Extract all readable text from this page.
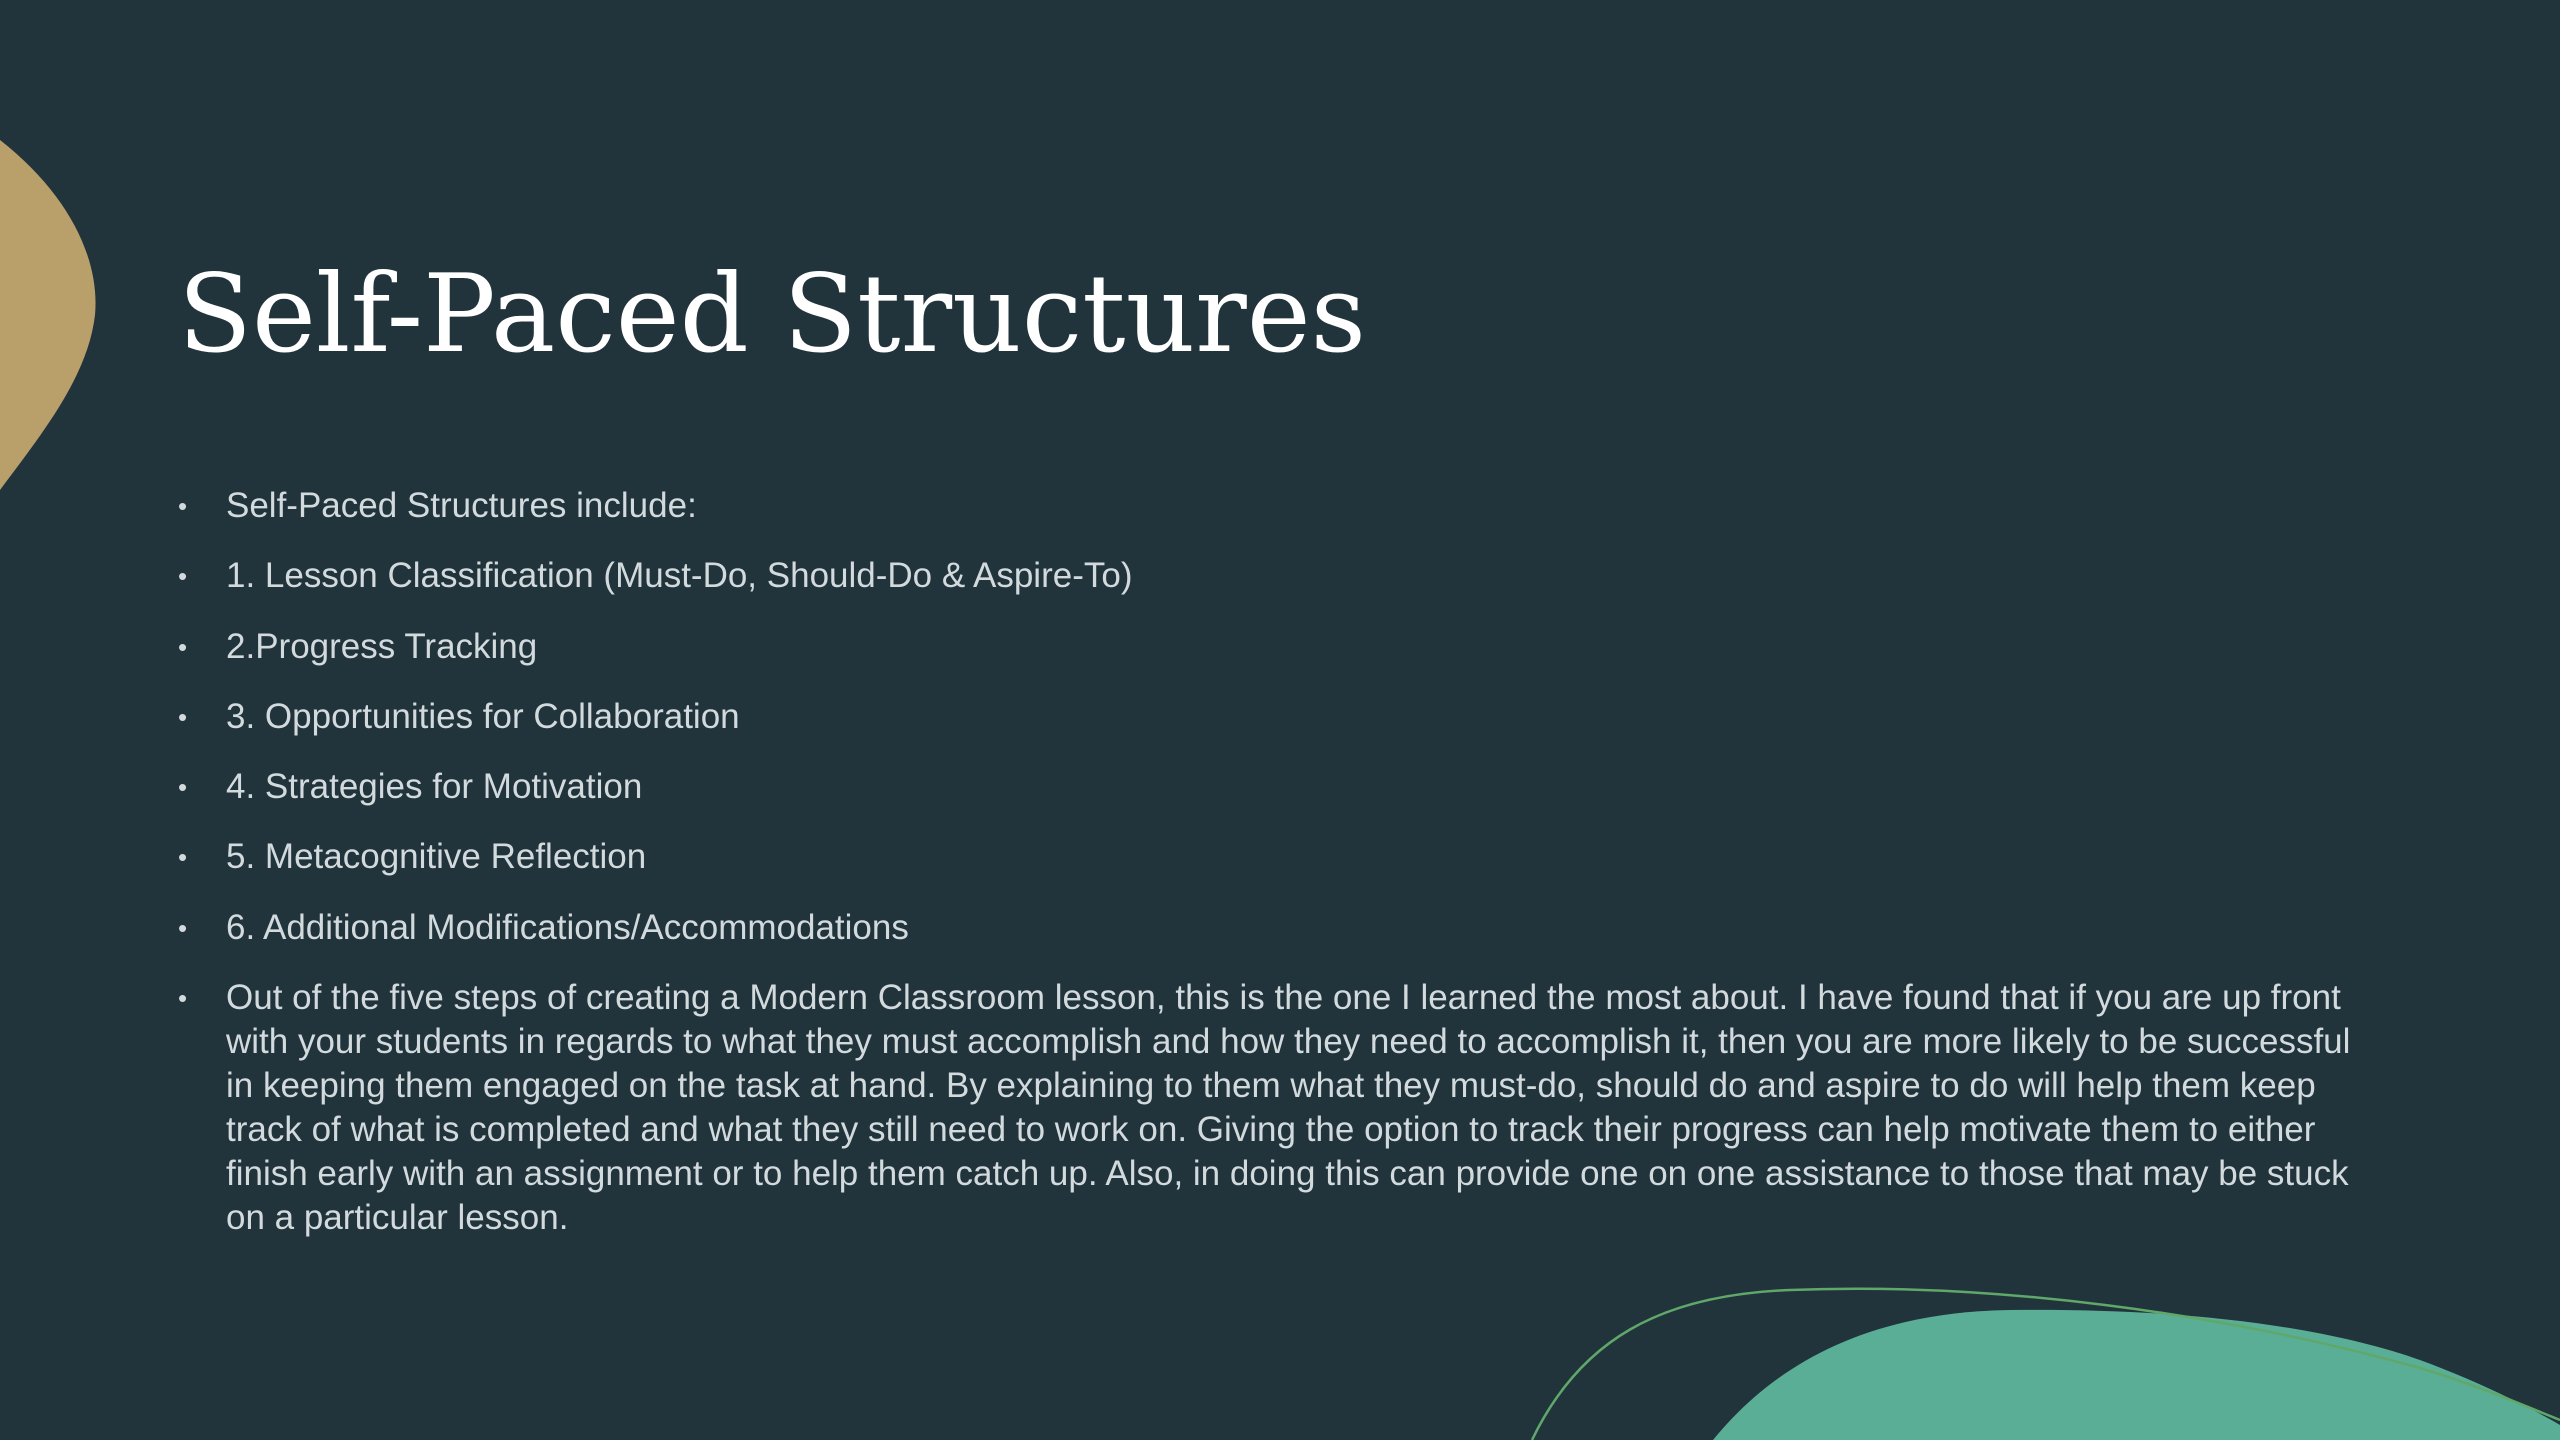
Self-Paced Structures
•	Self-Paced Structures include:
•	1. Lesson Classification (Must-Do, Should-Do & Aspire-To)
•	2.Progress Tracking
•	3. Opportunities for Collaboration
•	4. Strategies for Motivation
•	5. Metacognitive Reflection
•	6. Additional Modifications/Accommodations
•	Out of the five steps of creating a Modern Classroom lesson, this is the one I learned the most about. I have found that if you are up front with your students in regards to what they must accomplish and how they need to accomplish it, then you are more likely to be successful in keeping them engaged on the task at hand. By explaining to them what they must-do, should do and aspire to do will help them keep track of what is completed and what they still need to work on. Giving the option to track their progress can help motivate them to either finish early with an assignment or to help them catch up. Also, in doing this can provide one on one assistance to those that may be stuck on a particular lesson.
